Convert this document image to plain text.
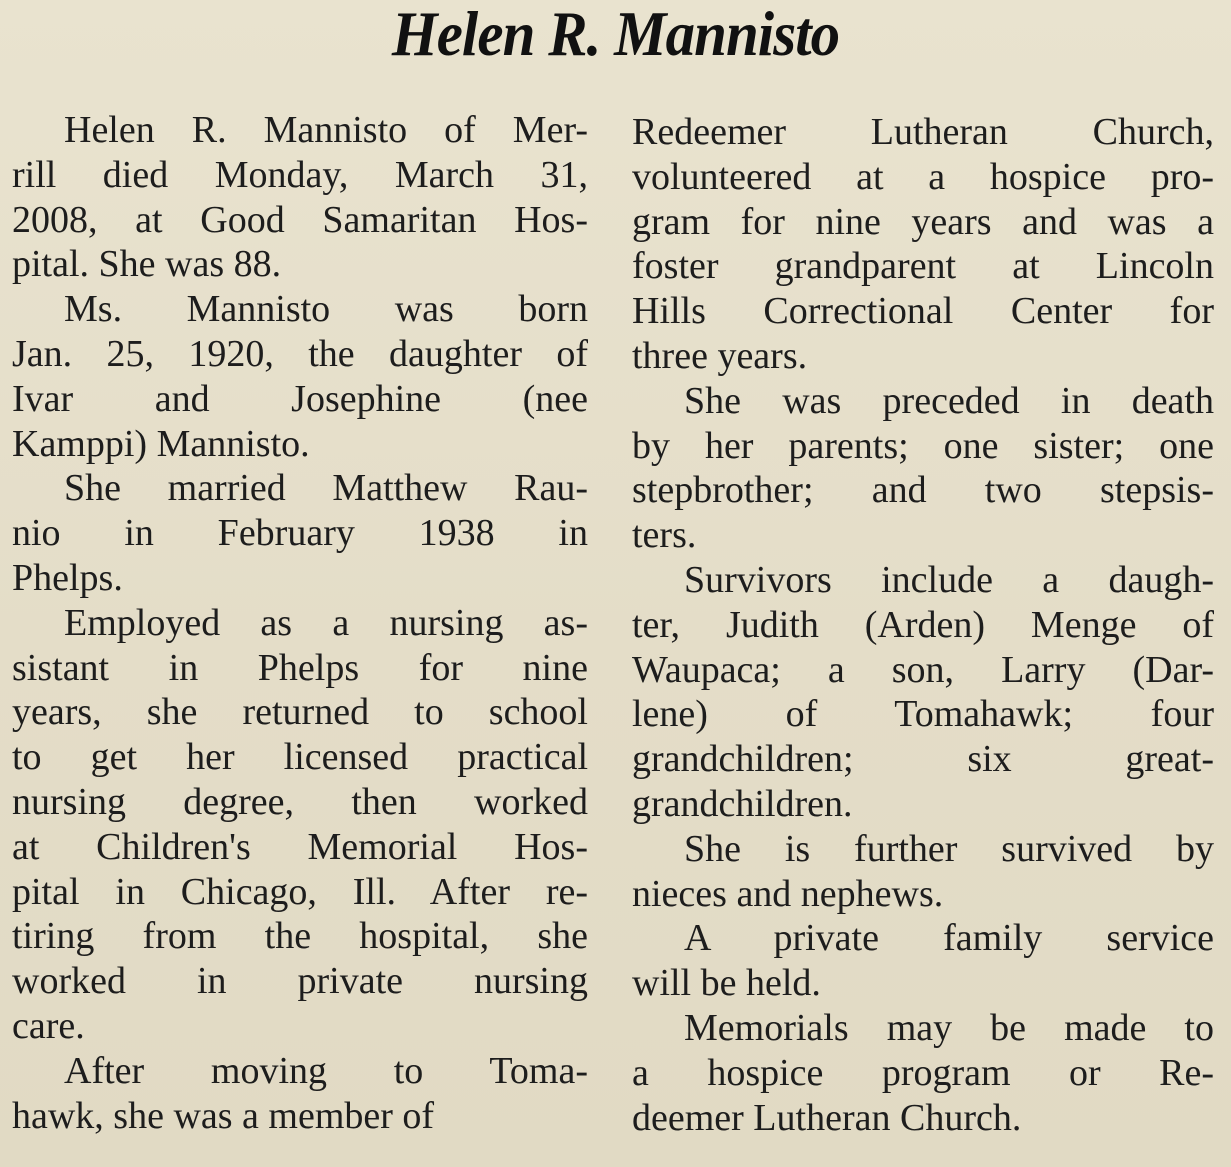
Helen R. Mannisto

Helen R. Mannisto of Mer-
rill died Monday, March 31,
2008, at Good Samaritan Hos-
pital. She was 88.

Ms. Mannisto was born
Jan. 25, 1920, the daughter of
Ivar and Josephine (nee
Kamppi) Mannisto.

She married Matthew Rau-
nio in February 1938 in
Phelps.

Employed as a nursing as-
sistant in Phelps for nine
years, she returned to school
to get her licensed practical
nursing degree, then worked
at Children's Memorial Hos-
pital in Chicago, Ill. After re-
tiring from the hospital, she
worked in private nursing
care.

After moving to Toma-
hawk, she was a member of

Redeemer Lutheran Church,
volunteered at a hospice pro-
gram for nine years and was a
foster grandparent at Lincoln
Hills Correctional Center for
three years.

She was preceded in death
by her parents; one sister; one
stepbrother; and two stepsis-
ters.

Survivors include a daugh-
ter, Judith (Arden) Menge of
Waupaca; a son, Larry (Dar-
lene) of Tomahawk; four
grandchildren; six great-
grandchildren.

She is further survived by
nieces and nephews.

A private family service
will be held.

Memorials may be made to
a hospice program or Re-
deemer Lutheran Church.
